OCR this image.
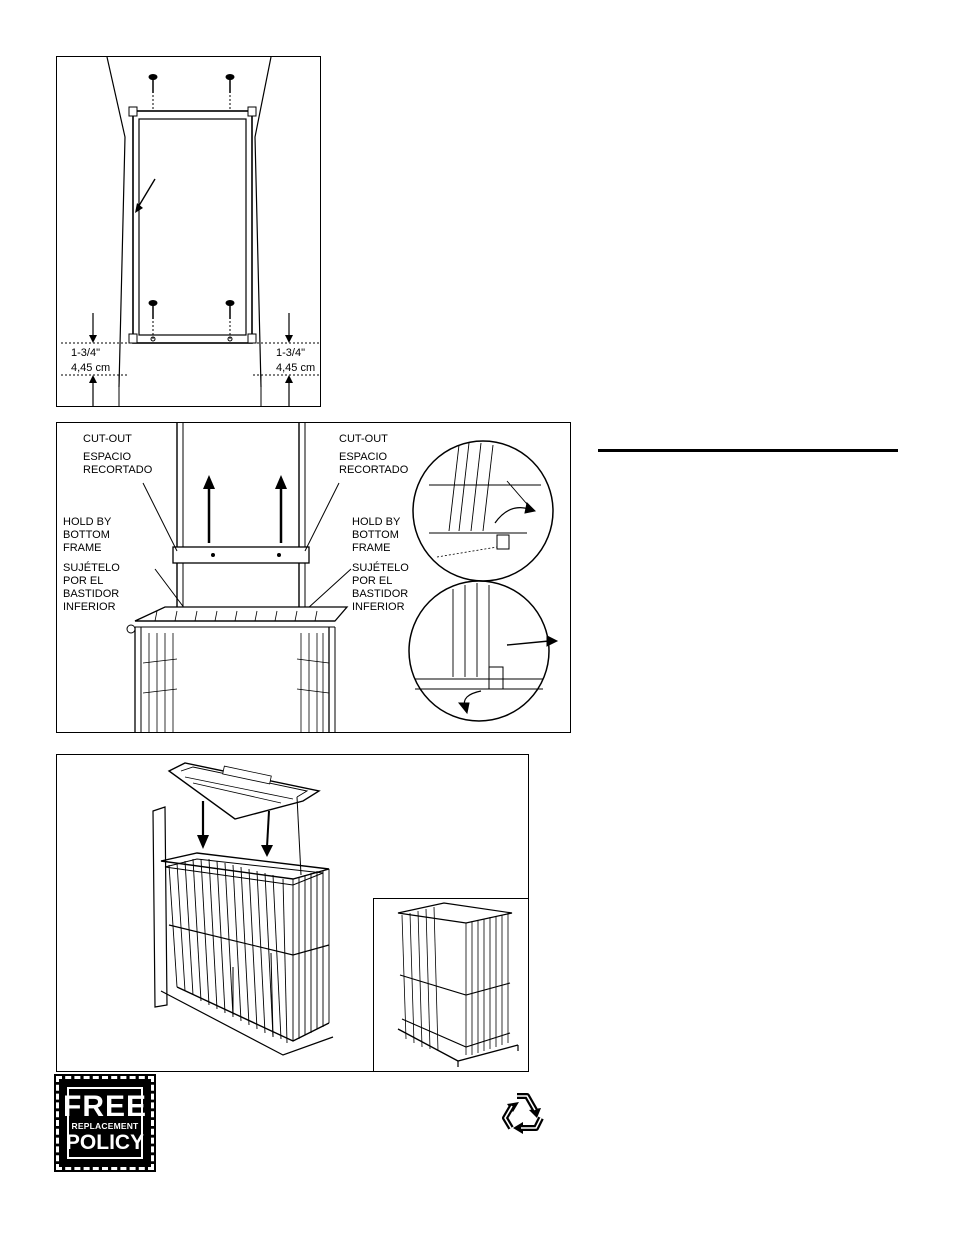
1-3/4"
4,45 cm
1-3/4"
4,45 cm
CUT-OUT
ESPACIO
RECORTADO
CUT-OUT
ESPACIO
RECORTADO
HOLD BY
BOTTOM
FRAME
SUJÉTELO
POR EL
BASTIDOR
INFERIOR
HOLD BY
BOTTOM
FRAME
SUJÉTELO
POR EL
BASTIDOR
INFERIOR
FREE
REPLACEMENT
POLICY
